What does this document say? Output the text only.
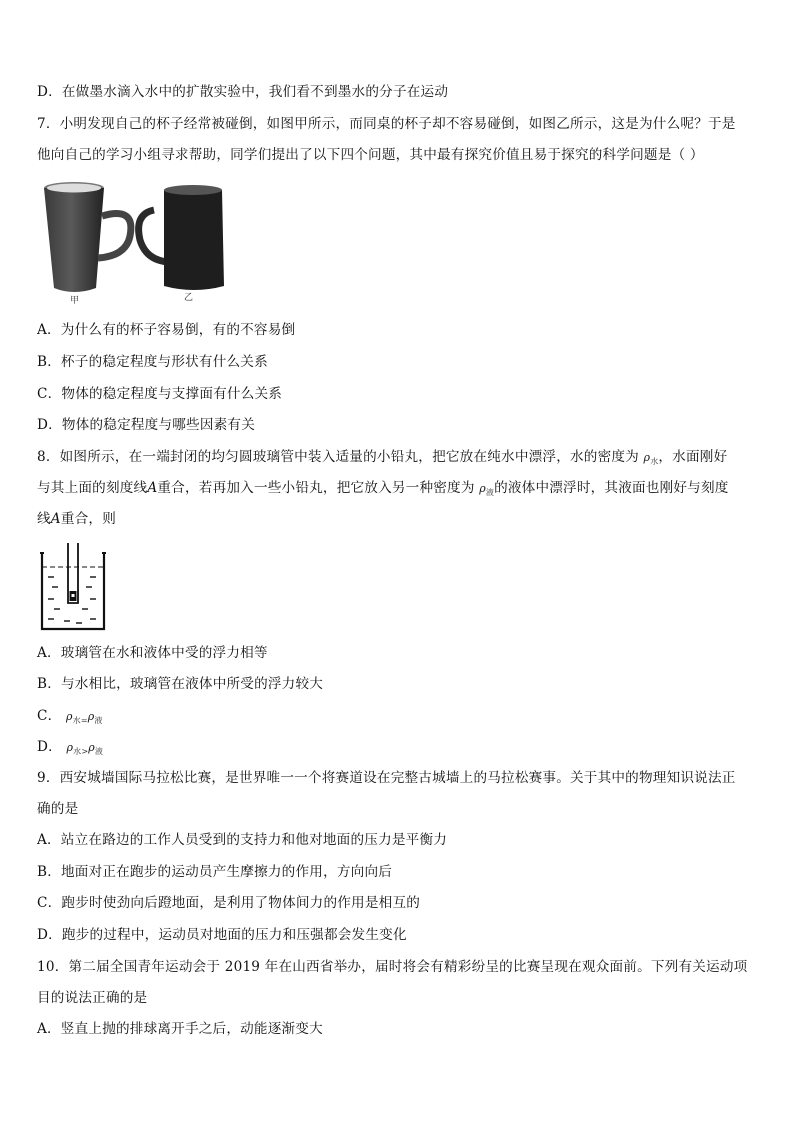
D．在做墨水滴入水中的扩散实验中，我们看不到墨水的分子在运动
7．小明发现自己的杯子经常被碰倒，如图甲所示，而同桌的杯子却不容易碰倒，如图乙所示，这是为什么呢？于是
他向自己的学习小组寻求帮助，同学们提出了以下四个问题，其中最有探究价值且易于探究的科学问题是（ ）
甲	乙
A．为什么有的杯子容易倒，有的不容易倒
B．杯子的稳定程度与形状有什么关系
C．物体的稳定程度与支撑面有什么关系
D．物体的稳定程度与哪些因素有关
8．如图所示，在一端封闭的均匀圆玻璃管中装入适量的小铅丸，把它放在纯水中漂浮，水的密度为 $\rho_水$，水面刚好
与其上面的刻度线A重合，若再加入一些小铅丸，把它放入另一种密度为 $\rho_液$的液体中漂浮时，其液面也刚好与刻度
线A重合，则
A．玻璃管在水和液体中受的浮力相等
B．与水相比，玻璃管在液体中所受的浮力较大
C． $\rho_{水=}\rho_液$
D． $\rho_{水>}\rho_液$
9．西安城墙国际马拉松比赛，是世界唯一一个将赛道设在完整古城墙上的马拉松赛事。关于其中的物理知识说法正
确的是
A．站立在路边的工作人员受到的支持力和他对地面的压力是平衡力
B．地面对正在跑步的运动员产生摩擦力的作用，方向向后
C．跑步时使劲向后蹬地面，是利用了物体间力的作用是相互的
D．跑步的过程中，运动员对地面的压力和压强都会发生变化
10．第二届全国青年运动会于 2019 年在山西省举办，届时将会有精彩纷呈的比赛呈现在观众面前。下列有关运动项
目的说法正确的是
A．竖直上抛的排球离开手之后，动能逐渐变大
